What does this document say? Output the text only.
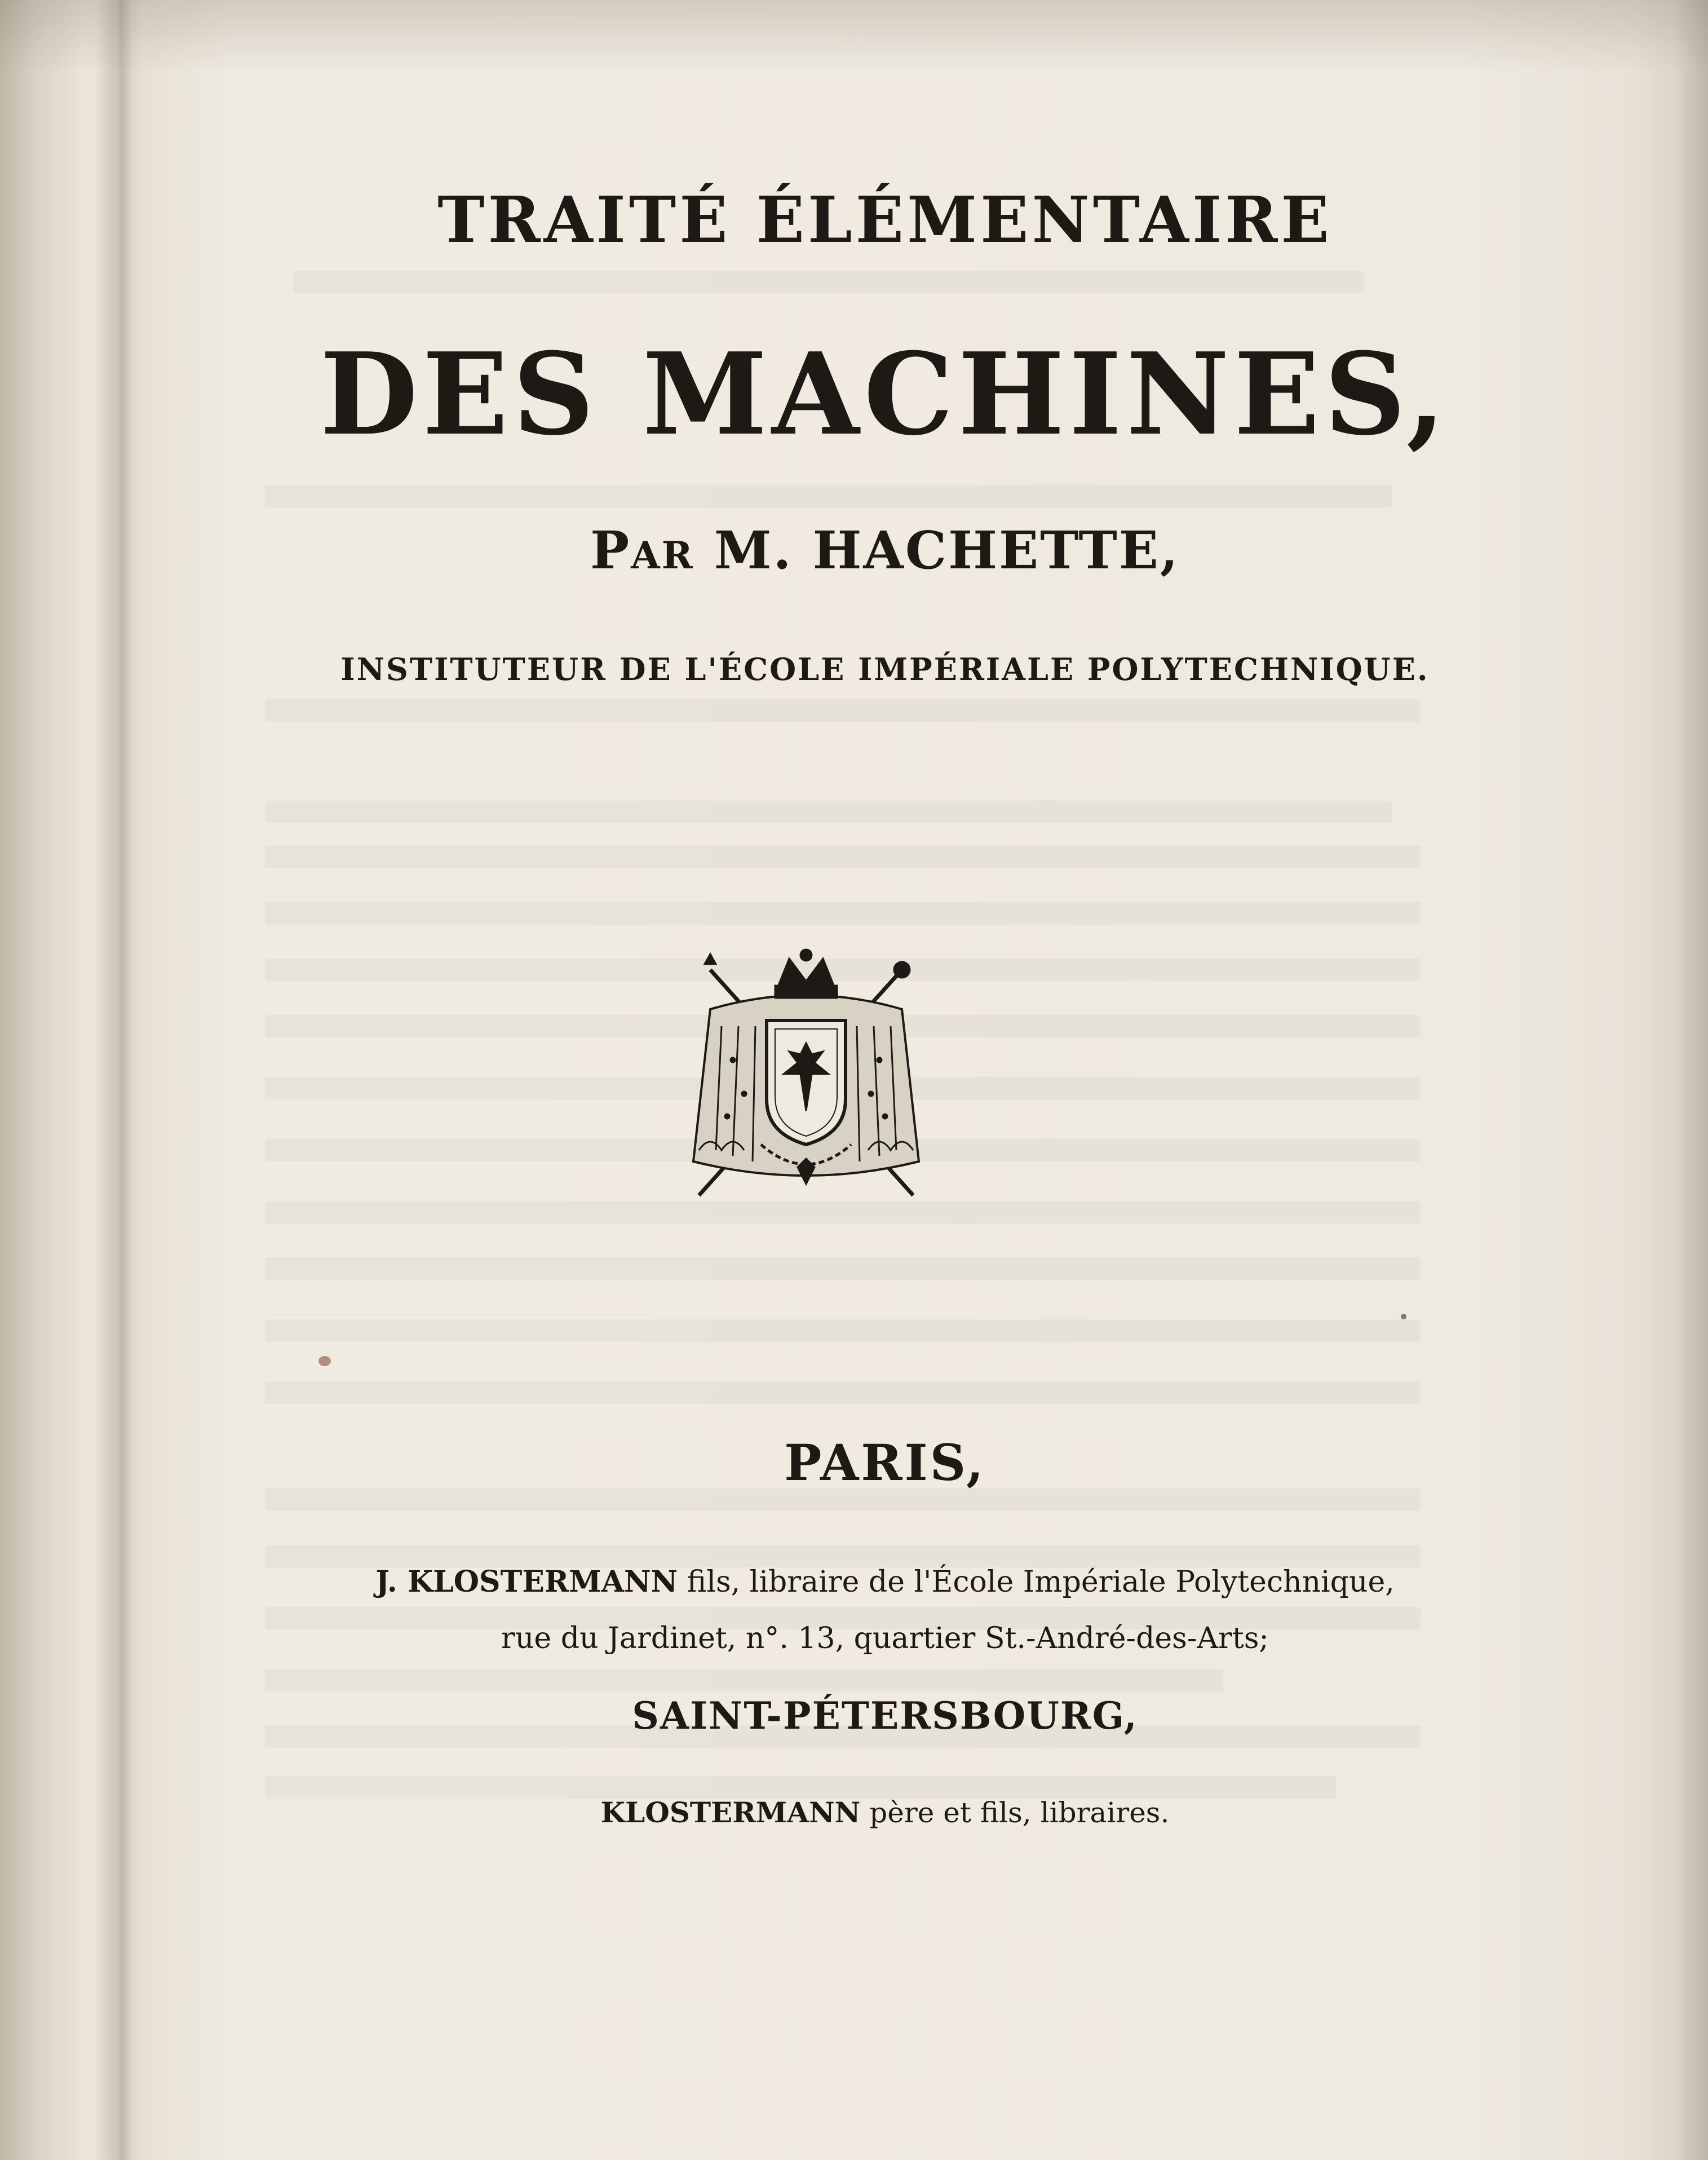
TRAITÉ ÉLÉMENTAIRE
DES MACHINES,
PAR M. HACHETTE,
INSTITUTEUR DE L'ÉCOLE IMPÉRIALE POLYTECHNIQUE.
PARIS,
J. KLOSTERMANN fils, libraire de l'École Impériale Polytechnique,
rue du Jardinet, n°. 13, quartier St.-André-des-Arts;
SAINT-PÉTERSBOURG,
KLOSTERMANN père et fils, libraires.
